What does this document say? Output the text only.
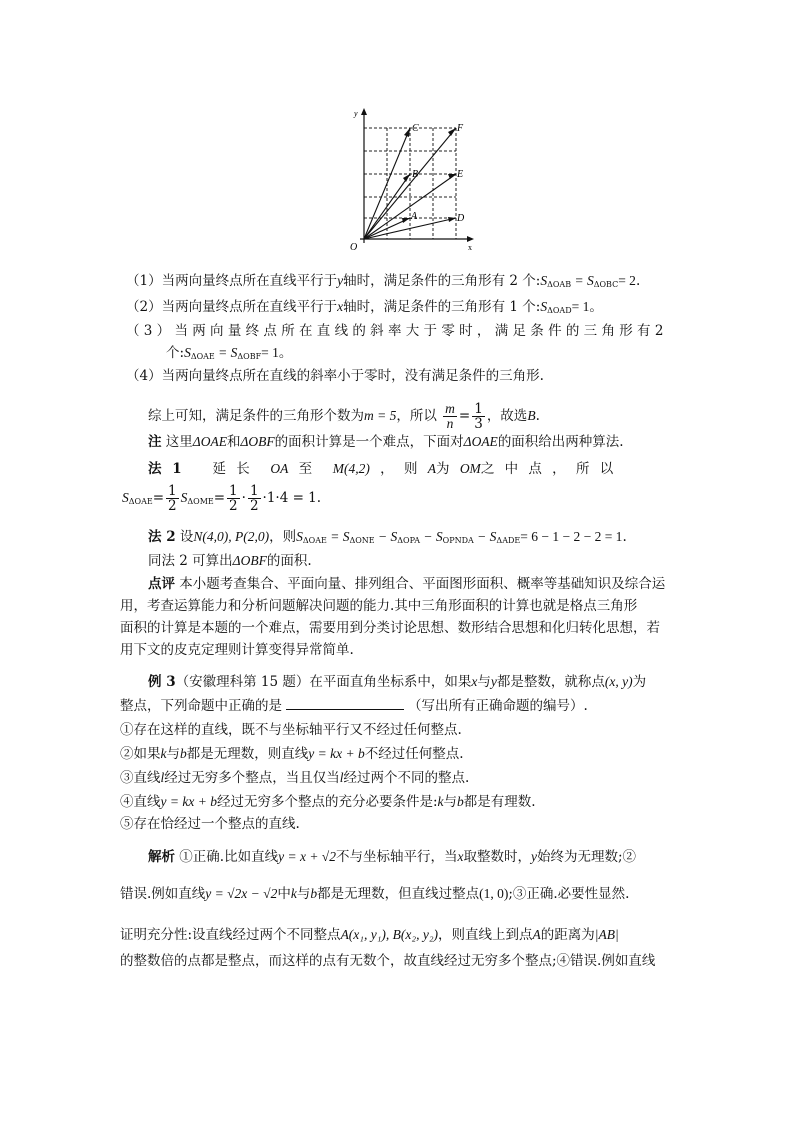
C	F
E
B
A	D
O	x
y
（1）当两向量终点所在直线平行于y轴时，满足条件的三角形有 2 个$:S_{\Delta OAB} = S_{\Delta OBC}= 2$.
（2）当两向量终点所在直线平行于x轴时，满足条件的三角形有 1 个$:S_{\Delta OAD}= 1$。
（ 3 ） 当 两 向 量 终 点 所 在 直 线 的 斜 率 大 于 零 时 ， 满 足 条 件 的 三 角 形 有 2
个$:S_{\Delta OAE} = S_{\Delta OBF}= 1$。
（4）当两向量终点所在直线的斜率小于零时，没有满足条件的三角形.
综上可知，满足条件的三角形个数为m = 5，所以 $\frac{m}{n} = \frac{1}{3}$ ，故选B.
注 这里ΔOAE和ΔOBF的面积计算是一个难点，下面对ΔOAE的面积给出两种算法.
法 1 延 长 OA 至 M(4,2) ， 则 A为 OM之 中 点 ， 所 以
$S_{\Delta OAE}= \frac{1}{2} S_{\Delta OME}= \frac{1}{2} \cdot \frac{1}{2} \cdot 1\cdot 4 = 1$.
法 2 设N(4,0), P(2,0)，则$S_{\Delta OAE} = S_{\Delta ONE} - S_{\Delta OPA} - S_{OPNDA} - S_{\Delta ADE}= 6 - 1 - 2 - 2 = 1$.
同法 2 可算出ΔOBF的面积.
点评 本小题考查集合、平面向量、排列组合、平面图形面积、概率等基础知识及综合运
用，考查运算能力和分析问题解决问题的能力.其中三角形面积的计算也就是格点三角形
面积的计算是本题的一个难点，需要用到分类讨论思想、数形结合思想和化归转化思想，若
用下文的皮克定理则计算变得异常简单.
例 3（安徽理科第 15 题）在平面直角坐标系中，如果x与y都是整数，就称点(x, y)为
整点，下列命题中正确的是	（写出所有正确命题的编号）.
①存在这样的直线，既不与坐标轴平行又不经过任何整点.
②如果k与b都是无理数，则直线y = kx + b不经过任何整点.
③直线l经过无穷多个整点，当且仅当l经过两个不同的整点.
④直线y = kx + b经过无穷多个整点的充分必要条件是:k与b都是有理数.
⑤存在恰经过一个整点的直线.
解析 ①正确.比如直线y = x + √2不与坐标轴平行，当x取整数时，y始终为无理数;②
错误.例如直线y = √2x − √2中k与b都是无理数，但直线过整点(1, 0);③正确.必要性显然.
证明充分性:设直线经过两个不同整点A(x₁, y₁), B(x₂, y₂)，则直线上到点A的距离为|AB|
的整数倍的点都是整点，而这样的点有无数个，故直线经过无穷多个整点;④错误.例如直线
